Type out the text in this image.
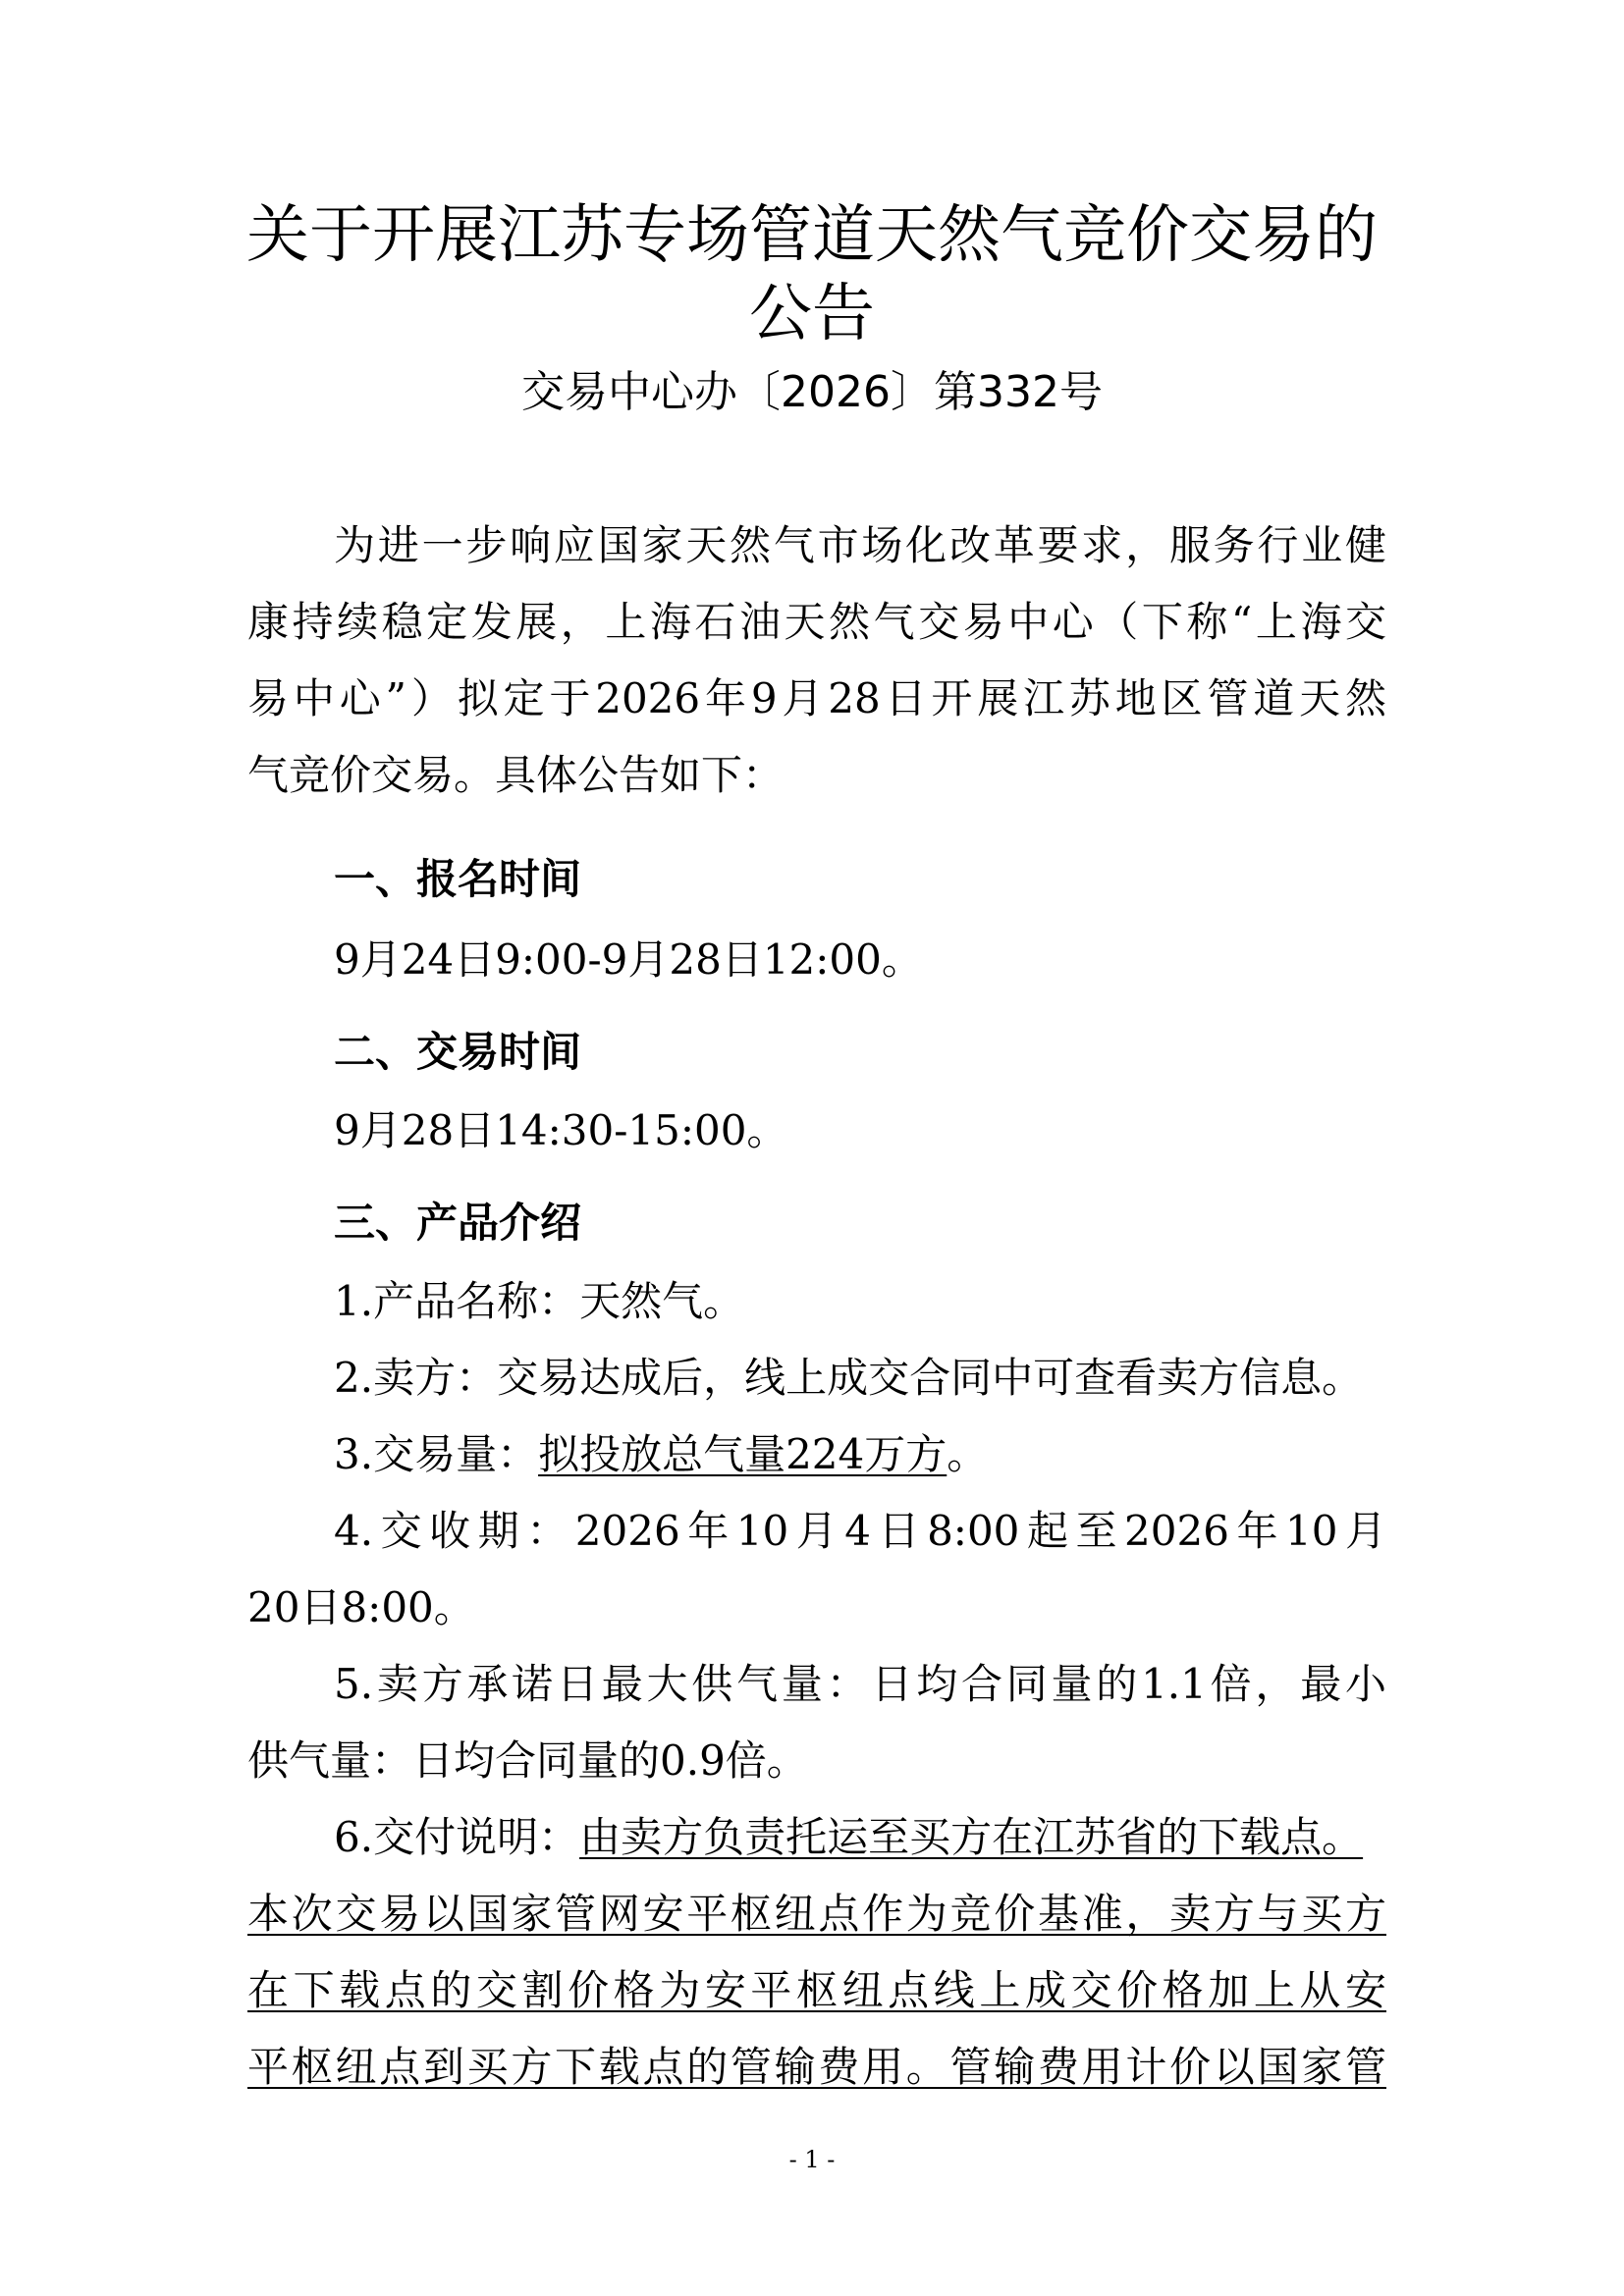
关于开展江苏专场管道天然气竞价交易的
公告
交易中心办〔2026〕第332号
为进一步响应国家天然气市场化改革要求，服务行业健
康持续稳定发展，上海石油天然气交易中心（下称“上海交
易中心”）拟定于2026年9月28日开展江苏地区管道天然
气竞价交易。具体公告如下：
一、报名时间
9月24日9:00-9月28日12:00。
二、交易时间
9月28日14:30-15:00。
三、产品介绍
1.产品名称：天然气。
2.卖方：交易达成后，线上成交合同中可查看卖方信息。
3.交易量：拟投放总气量224万方。
4.交收期：2026年10月4日8:00起至2026年10月
20日8:00。
5.卖方承诺日最大供气量：日均合同量的1.1倍，最小
供气量：日均合同量的0.9倍。
6.交付说明：由卖方负责托运至买方在江苏省的下载点。
本次交易以国家管网安平枢纽点作为竞价基准，卖方与买方
在下载点的交割价格为安平枢纽点线上成交价格加上从安
平枢纽点到买方下载点的管输费用。管输费用计价以国家管
- 1 -
